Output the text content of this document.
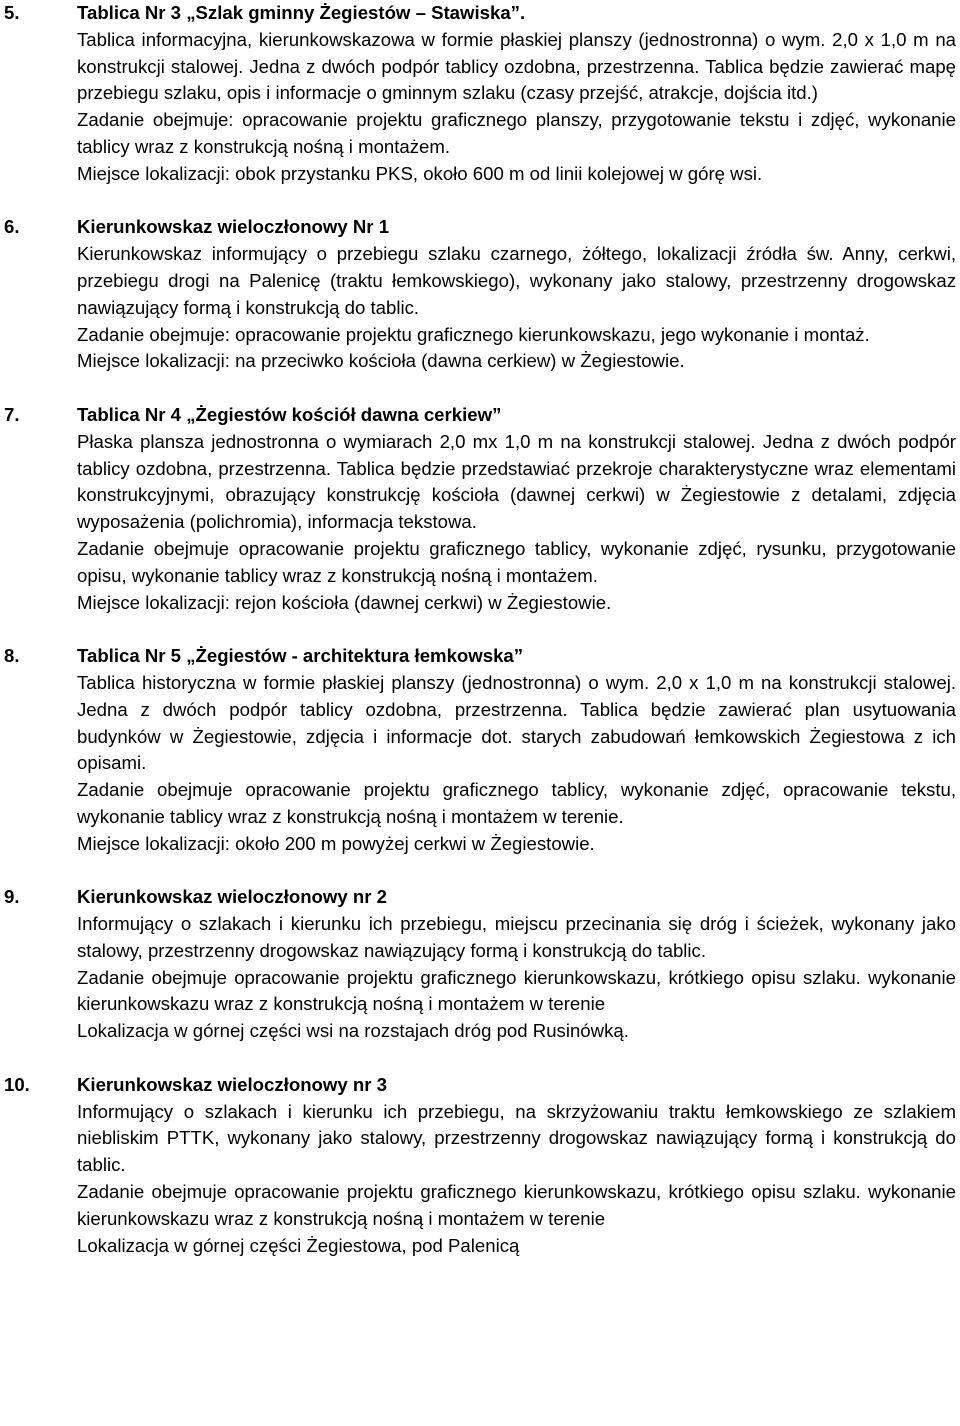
5.	Tablica Nr 3 „Szlak gminny Żegiestów – Stawiska”.

Tablica informacyjna, kierunkowskazowa w formie płaskiej planszy (jednostronna) o wym. 2,0 x 1,0 m na konstrukcji stalowej. Jedna z dwóch podpór tablicy ozdobna, przestrzenna. Tablica będzie zawierać mapę przebiegu szlaku, opis i informacje o gminnym szlaku (czasy przejść, atrakcje, dojścia itd.)

Zadanie obejmuje: opracowanie projektu graficznego planszy, przygotowanie tekstu i zdjęć, wykonanie tablicy wraz z konstrukcją nośną i montażem.

Miejsce lokalizacji: obok przystanku PKS, około 600 m od linii kolejowej w górę wsi.

6.	Kierunkowskaz wieloczłonowy Nr 1

Kierunkowskaz informujący o przebiegu szlaku czarnego, żółtego, lokalizacji źródła św. Anny, cerkwi, przebiegu drogi na Palenicę (traktu łemkowskiego), wykonany jako stalowy, przestrzenny drogowskaz nawiązujący formą i konstrukcją do tablic.

Zadanie obejmuje: opracowanie projektu graficznego kierunkowskazu, jego wykonanie i montaż.

Miejsce lokalizacji: na przeciwko kościoła (dawna cerkiew) w Żegiestowie.

7.	Tablica Nr 4 „Żegiestów kościół dawna cerkiew”

Płaska plansza jednostronna o wymiarach 2,0 mx 1,0 m na konstrukcji stalowej. Jedna z dwóch podpór tablicy ozdobna, przestrzenna. Tablica będzie przedstawiać przekroje charakterystyczne wraz elementami konstrukcyjnymi, obrazujący konstrukcję kościoła (dawnej cerkwi) w Żegiestowie z detalami, zdjęcia wyposażenia (polichromia), informacja tekstowa.

Zadanie obejmuje opracowanie projektu graficznego tablicy, wykonanie zdjęć, rysunku, przygotowanie opisu, wykonanie tablicy wraz z konstrukcją nośną i montażem.

Miejsce lokalizacji: rejon kościoła (dawnej cerkwi) w Żegiestowie.

8.	Tablica Nr 5 „Żegiestów - architektura łemkowska”

Tablica historyczna w formie płaskiej planszy (jednostronna) o wym. 2,0 x 1,0 m na konstrukcji stalowej. Jedna z dwóch podpór tablicy ozdobna, przestrzenna. Tablica będzie zawierać plan usytuowania budynków w Żegiestowie, zdjęcia i informacje dot. starych zabudowań łemkowskich Żegiestowa z ich opisami.

Zadanie obejmuje opracowanie projektu graficznego tablicy, wykonanie zdjęć, opracowanie tekstu, wykonanie tablicy wraz z konstrukcją nośną i montażem w terenie.

Miejsce lokalizacji: około 200 m powyżej cerkwi w Żegiestowie.

9.	Kierunkowskaz wieloczłonowy nr 2

Informujący o szlakach i kierunku ich przebiegu, miejscu przecinania się dróg i ścieżek, wykonany jako stalowy, przestrzenny drogowskaz nawiązujący formą i konstrukcją do tablic.

Zadanie obejmuje opracowanie projektu graficznego kierunkowskazu, krótkiego opisu szlaku. wykonanie kierunkowskazu wraz z konstrukcją nośną i montażem w terenie

Lokalizacja w górnej części wsi na rozstajach dróg pod Rusinówką.

10.	Kierunkowskaz wieloczłonowy nr 3

Informujący o szlakach i kierunku ich przebiegu, na skrzyżowaniu traktu łemkowskiego ze szlakiem niebliskim PTTK, wykonany jako stalowy, przestrzenny drogowskaz nawiązujący formą i konstrukcją do tablic.

Zadanie obejmuje opracowanie projektu graficznego kierunkowskazu, krótkiego opisu szlaku. wykonanie kierunkowskazu wraz z konstrukcją nośną i montażem w terenie

Lokalizacja w górnej części Żegiestowa, pod Palenicą
